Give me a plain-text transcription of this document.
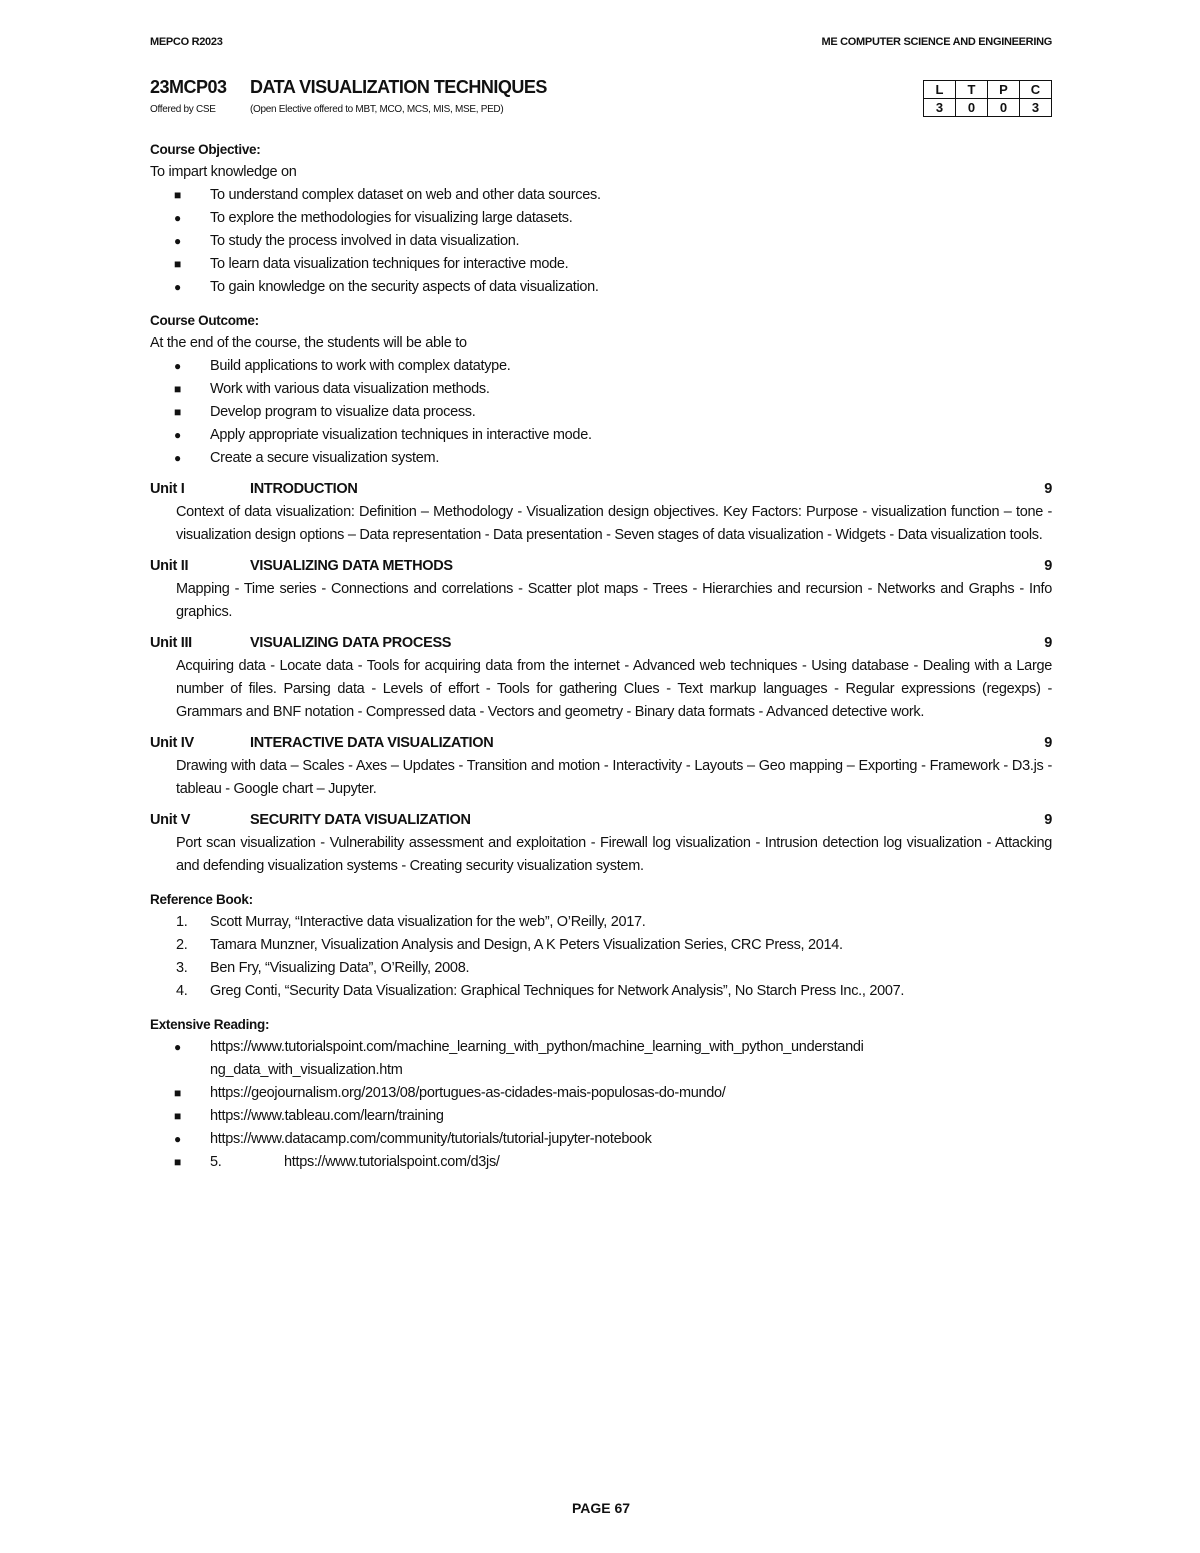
MEPCO R2023	ME COMPUTER SCIENCE AND ENGINEERING
23MCP03 DATA VISUALIZATION TECHNIQUES
Offered by CSE	(Open Elective offered to MBT, MCO, MCS, MIS, MSE, PED)
L	T	P	C
3	0	0	3
Course Objective:

To impart knowledge on

■ To understand complex dataset on web and other data sources.
● To explore the methodologies for visualizing large datasets.
● To study the process involved in data visualization.
■ To learn data visualization techniques for interactive mode.
● To gain knowledge on the security aspects of data visualization.
Course Outcome:

At the end of the course, the students will be able to

● Build applications to work with complex datatype.
■ Work with various data visualization methods.
■ Develop program to visualize data process.
● Apply appropriate visualization techniques in interactive mode.
● Create a secure visualization system.
Unit I	INTRODUCTION	9
Context of data visualization: Definition – Methodology - Visualization design objectives. Key Factors: Purpose - visualization function – tone - visualization design options – Data representation - Data presentation - Seven stages of data visualization - Widgets - Data visualization tools.
Unit II	VISUALIZING DATA METHODS	9
Mapping - Time series - Connections and correlations - Scatter plot maps - Trees - Hierarchies and recursion - Networks and Graphs - Info graphics.
Unit III	VISUALIZING DATA PROCESS	9
Acquiring data - Locate data - Tools for acquiring data from the internet - Advanced web techniques - Using database - Dealing with a Large number of files. Parsing data - Levels of effort - Tools for gathering Clues - Text markup languages - Regular expressions (regexps) - Grammars and BNF notation - Compressed data - Vectors and geometry - Binary data formats - Advanced detective work.
Unit IV	INTERACTIVE DATA VISUALIZATION	9
Drawing with data – Scales - Axes – Updates - Transition and motion - Interactivity - Layouts – Geo mapping – Exporting - Framework - D3.js - tableau - Google chart – Jupyter.
Unit V	SECURITY DATA VISUALIZATION	9
Port scan visualization - Vulnerability assessment and exploitation - Firewall log visualization - Intrusion detection log visualization - Attacking and defending visualization systems - Creating security visualization system.
Reference Book:
1. Scott Murray, “Interactive data visualization for the web”, O’Reilly, 2017.
2. Tamara Munzner, Visualization Analysis and Design, A K Peters Visualization Series, CRC Press, 2014.
3. Ben Fry, “Visualizing Data”, O’Reilly, 2008.
4. Greg Conti, “Security Data Visualization: Graphical Techniques for Network Analysis”, No Starch Press Inc., 2007.
Extensive Reading:
● https://www.tutorialspoint.com/machine_learning_with_python/machine_learning_with_python_understandi ng_data_with_visualization.htm
■ https://geojournalism.org/2013/08/portugues-as-cidades-mais-populosas-do-mundo/
■ https://www.tableau.com/learn/training
● https://www.datacamp.com/community/tutorials/tutorial-jupyter-notebook
■ 5.	https://www.tutorialspoint.com/d3js/
PAGE 67
